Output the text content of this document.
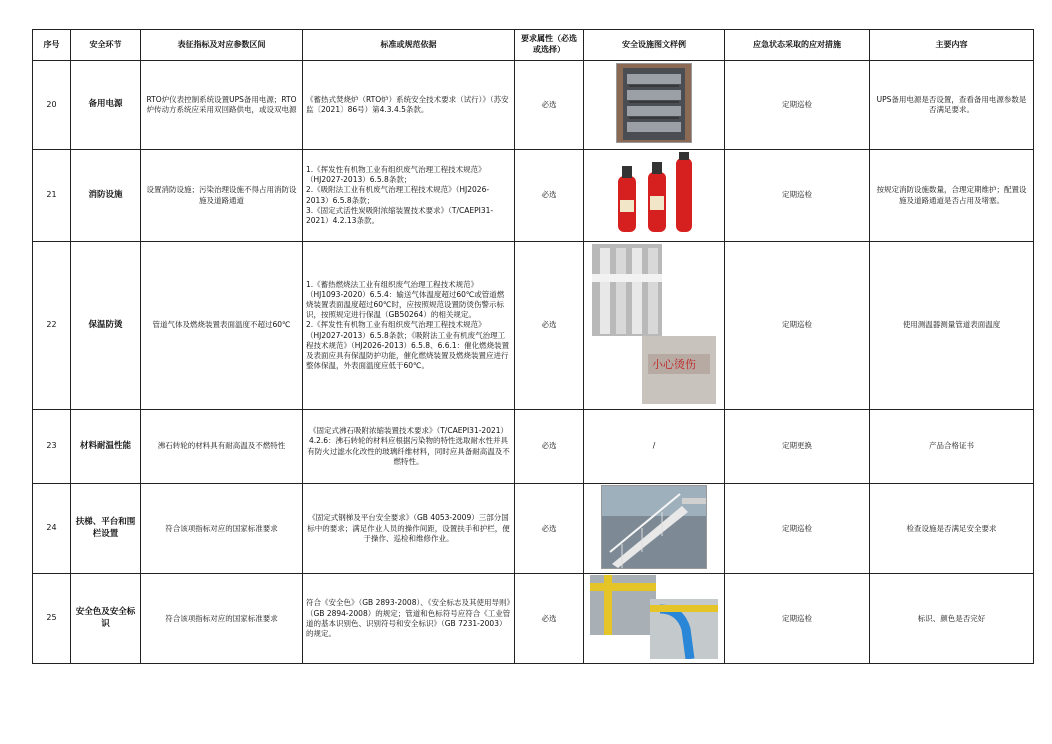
序号	安全环节	表征指标及对应参数区间	标准或规范依据	要求属性（必选或选择）	安全设施图文样例	应急状态采取的应对措施	主要内容
20	备用电源	RTO炉仪表控制系统设置UPS备用电源；RTO炉传动方系统应采用双回路供电，或设双电源	《蓄热式焚烧炉（RTO炉）系统安全技术要求（试行）》（苏安监〔2021〕86号）第4.3.4.5条款。	必选		定期巡检	UPS备用电源是否设置，查看备用电源参数是否满足要求。
21	消防设施	设置消防设施；污染治理设施不得占用消防设施及道路通道	1.《挥发性有机物工业有组织废气治理工程技术规范》（HJ2027-2013）6.5.8条款；
2.《吸附法工业有机废气治理工程技术规范》（HJ2026-2013）6.5.8条款；
3.《固定式活性炭吸附浓缩装置技术要求》（T/CAEPI31-2021）4.2.13条款。	必选		定期巡检	按规定消防设施数量，合理定期维护；配置设施及道路通道是否占用及堵塞。
22	保温防烫	管道气体及燃烧装置表面温度不超过60℃	1.《蓄热燃烧法工业有组织废气治理工程技术规范》（HJ1093-2020）6.5.4：输送气体温度超过60℃或管道燃烧装置表面温度超过60℃时，应按照规范设置防烫伤警示标识，按照规定进行保温（GB50264）的相关规定。
2.《挥发性有机物工业有组织废气治理工程技术规范》（HJ2027-2013）6.5.8条款；《吸附法工业有机废气治理工程技术规范》（HJ2026-2013）6.5.8、6.6.1：催化燃烧装置及表面应具有保温防护功能，催化燃烧装置及燃烧装置应进行整体保温，外表面温度应低于60℃。	必选	小心烫伤	定期巡检	使用测温器测量管道表面温度
23	材料耐温性能	沸石转轮的材料具有耐高温及不燃特性	《固定式沸石吸附浓缩装置技术要求》（T/CAEPI31-2021）4.2.6：沸石转轮的材料应根据污染物的特性选取耐水性并具有防火过滤水化改性的玻璃纤维材料，同时应具备耐高温及不燃特性。	必选	/	定期更换	产品合格证书
24	扶梯、平台和围栏设置	符合该项指标对应的国家标准要求	《固定式钢梯及平台安全要求》（GB 4053-2009）三部分国标中的要求；满足作业人员的操作间距，设置扶手和护栏，便于操作、巡检和维修作业。	必选		定期巡检	检查设施是否满足安全要求
25	安全色及安全标识	符合该项指标对应的国家标准要求	符合《安全色》（GB 2893-2008）、《安全标志及其使用导则》（GB 2894-2008）的规定；管道和色标符号应符合《工业管道的基本识别色、识别符号和安全标识》（GB 7231-2003）的规定。	必选		定期巡检	标识、颜色是否完好
